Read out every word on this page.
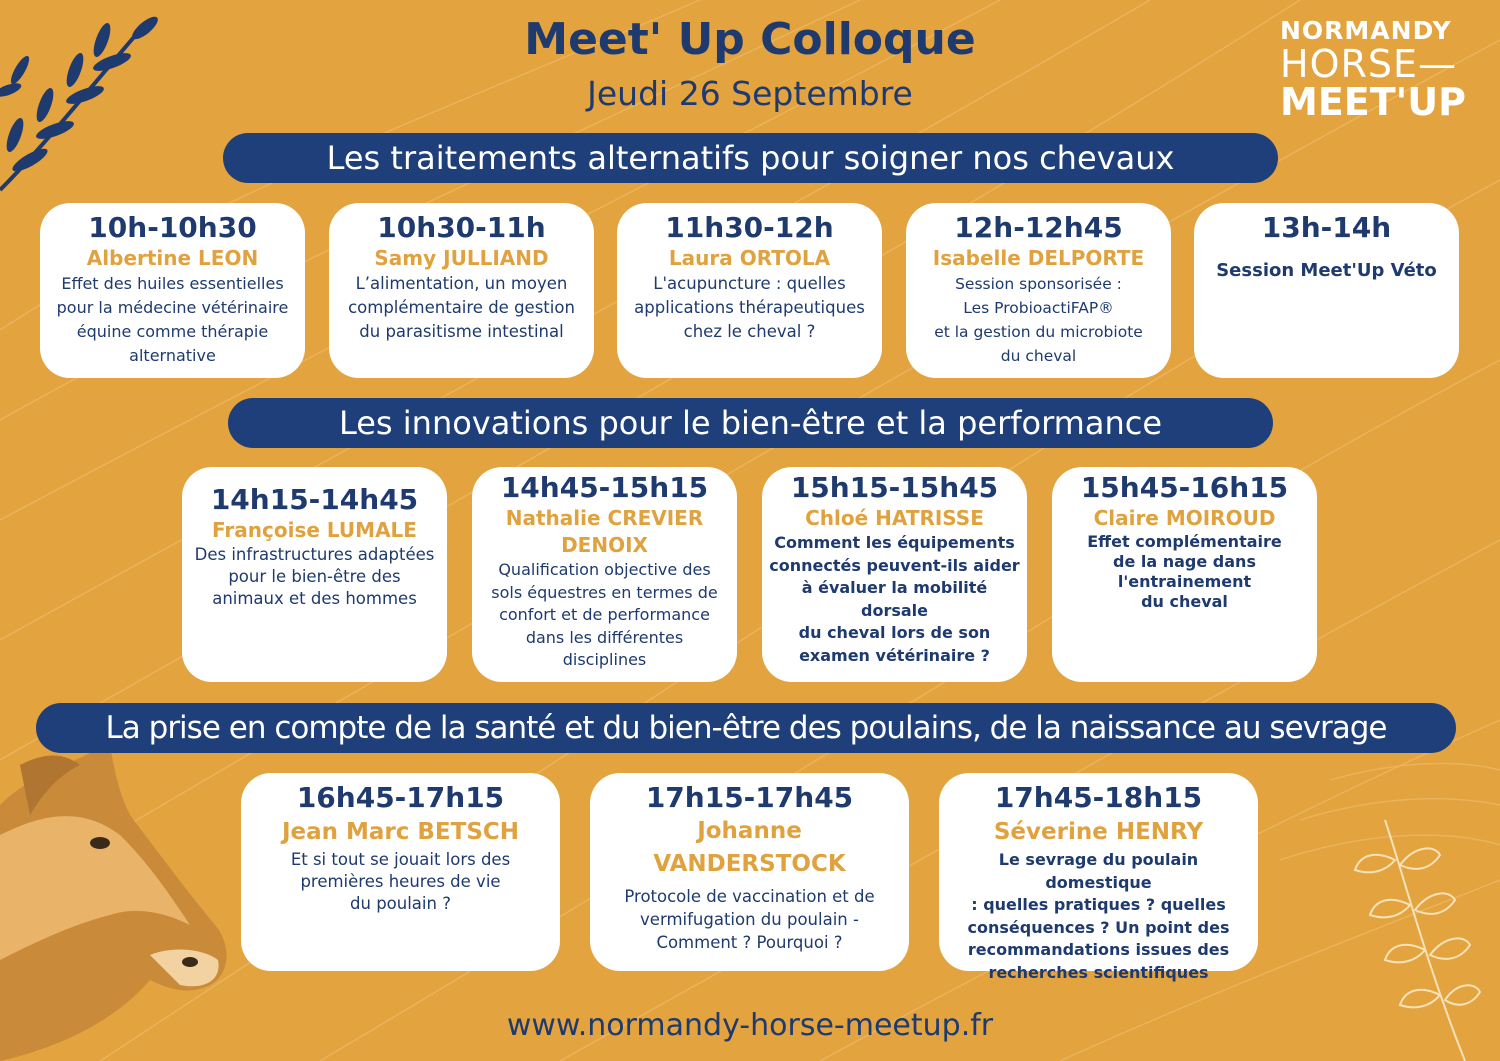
Meet' Up Colloque
Jeudi 26 Septembre
NORMANDY
HORSE—
MEET'UP
Les traitements alternatifs pour soigner nos chevaux
10h-10h30
Albertine LEON
Effet des huiles essentielles
pour la médecine vétérinaire
équine comme thérapie
alternative
10h30-11h
Samy JULLIAND
L’alimentation, un moyen
complémentaire de gestion
du parasitisme intestinal
11h30-12h
Laura ORTOLA
L'acupuncture : quelles
applications thérapeutiques
chez le cheval ?
12h-12h45
Isabelle DELPORTE
Session sponsorisée :
Les ProbioactiFAP®
et la gestion du microbiote
du cheval
13h-14h
Session Meet'Up Véto
Les innovations pour le bien-être et la performance
14h15-14h45
Françoise LUMALE
Des infrastructures adaptées
pour le bien-être des
animaux et des hommes
14h45-15h15
Nathalie CREVIER
DENOIX
Qualification objective des
sols équestres en termes de
confort et de performance
dans les différentes
disciplines
15h15-15h45
Chloé HATRISSE
Comment les équipements
connectés peuvent-ils aider
à évaluer la mobilité dorsale
du cheval lors de son
examen vétérinaire ?
15h45-16h15
Claire MOIROUD
Effet complémentaire
de la nage dans
l'entrainement
du cheval
La prise en compte de la santé et du bien-être des poulains, de la naissance au sevrage
16h45-17h15
Jean Marc BETSCH
Et si tout se jouait lors des
premières heures de vie
du poulain ?
17h15-17h45
Johanne
VANDERSTOCK
Protocole de vaccination et de
vermifugation du poulain -
Comment ? Pourquoi ?
17h45-18h15
Séverine HENRY
Le sevrage du poulain domestique
: quelles pratiques ? quelles
conséquences ? Un point des
recommandations issues des
recherches scientifiques
www.normandy-horse-meetup.fr
